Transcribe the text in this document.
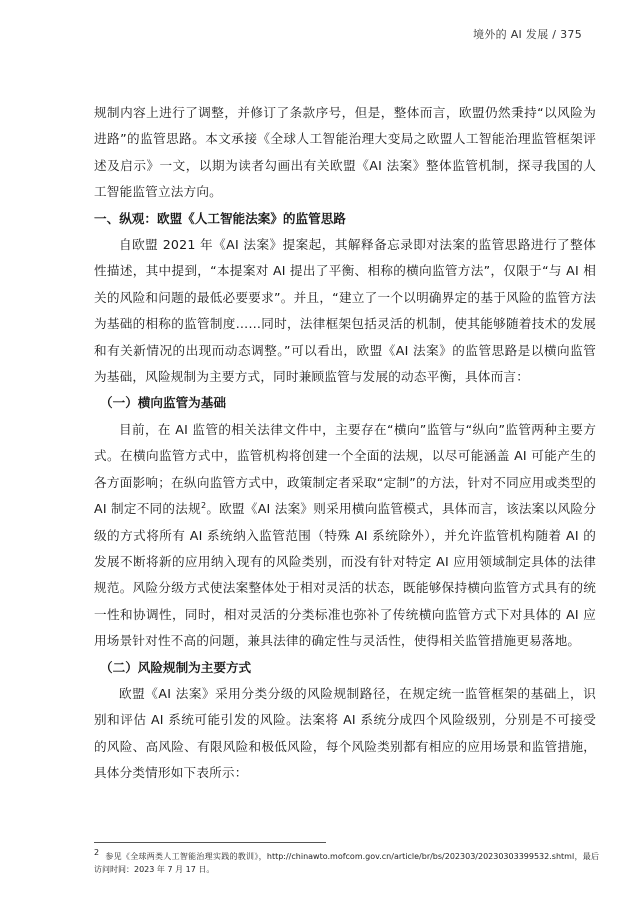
境外的 AI 发展 / 375

规制内容上进行了调整，并修订了条款序号，但是，整体而言，欧盟仍然秉持“以风险为进路”的监管思路。本文承接《全球人工智能治理大变局之欧盟人工智能治理监管框架评述及启示》一文，以期为读者勾画出有关欧盟《AI 法案》整体监管机制，探寻我国的人工智能监管立法方向。

一、纵观：欧盟《人工智能法案》的监管思路

自欧盟 2021 年《AI 法案》提案起，其解释备忘录即对法案的监管思路进行了整体性描述，其中提到，“本提案对 AI 提出了平衡、相称的横向监管方法”，仅限于“与 AI 相关的风险和问题的最低必要要求”。并且，“建立了一个以明确界定的基于风险的监管方法为基础的相称的监管制度……同时，法律框架包括灵活的机制，使其能够随着技术的发展和有关新情况的出现而动态调整。”可以看出，欧盟《AI 法案》的监管思路是以横向监管为基础，风险规制为主要方式，同时兼顾监管与发展的动态平衡，具体而言：

（一）横向监管为基础

目前，在 AI 监管的相关法律文件中，主要存在“横向”监管与“纵向”监管两种主要方式。在横向监管方式中，监管机构将创建一个全面的法规，以尽可能涵盖 AI 可能产生的各方面影响；在纵向监管方式中，政策制定者采取“定制”的方法，针对不同应用或类型的 AI 制定不同的法规$^2$。欧盟《AI 法案》则采用横向监管模式，具体而言，该法案以风险分级的方式将所有 AI 系统纳入监管范围（特殊 AI 系统除外），并允许监管机构随着 AI 的发展不断将新的应用纳入现有的风险类别，而没有针对特定 AI 应用领域制定具体的法律规范。风险分级方式使法案整体处于相对灵活的状态，既能够保持横向监管方式具有的统一性和协调性，同时，相对灵活的分类标准也弥补了传统横向监管方式下对具体的 AI 应用场景针对性不高的问题，兼具法律的确定性与灵活性，使得相关监管措施更易落地。

（二）风险规制为主要方式

欧盟《AI 法案》采用分类分级的风险规制路径，在规定统一监管框架的基础上，识别和评估 AI 系统可能引发的风险。法案将 AI 系统分成四个风险级别，分别是不可接受的风险、高风险、有限风险和极低风险，每个风险类别都有相应的应用场景和监管措施，具体分类情形如下表所示：

$^2$ 参见《全球两类人工智能治理实践的教训》，http://chinawto.mofcom.gov.cn/article/br/bs/202303/20230303399532.shtml，最后访问时间：2023 年 7 月 17 日。
